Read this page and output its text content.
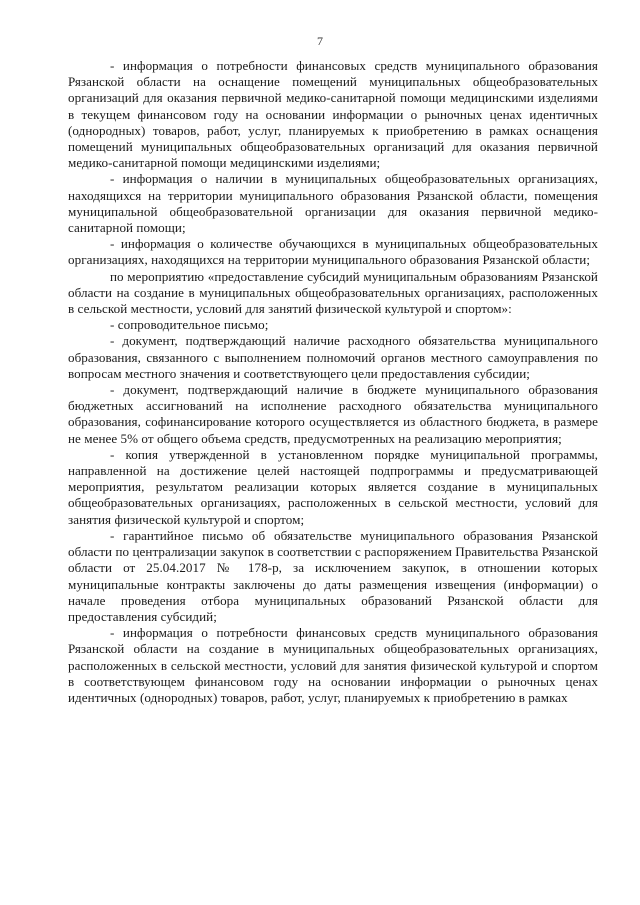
7

- информация о потребности финансовых средств муниципального образования Рязанской области на оснащение помещений муниципальных общеобразовательных организаций для оказания первичной медико-санитарной помощи медицинскими изделиями в текущем финансовом году на основании информации о рыночных ценах идентичных (однородных) товаров, работ, услуг, планируемых к приобретению в рамках оснащения помещений муниципальных общеобразовательных организаций для оказания первичной медико-санитарной помощи медицинскими изделиями;

- информация о наличии в муниципальных общеобразовательных организациях, находящихся на территории муниципального образования Рязанской области, помещения муниципальной общеобразовательной организации для оказания первичной медико-санитарной помощи;

- информация о количестве обучающихся в муниципальных общеобразовательных организациях, находящихся на территории муниципального образования Рязанской области;

по мероприятию «предоставление субсидий муниципальным образованиям Рязанской области на создание в муниципальных общеобразовательных организациях, расположенных в сельской местности, условий для занятий физической культурой и спортом»:

- сопроводительное письмо;

- документ, подтверждающий наличие расходного обязательства муниципального образования, связанного с выполнением полномочий органов местного самоуправления по вопросам местного значения и соответствующего цели предоставления субсидии;

- документ, подтверждающий наличие в бюджете муниципального образования бюджетных ассигнований на исполнение расходного обязательства муниципального образования, софинансирование которого осуществляется из областного бюджета, в размере не менее 5% от общего объема средств, предусмотренных на реализацию мероприятия;

- копия утвержденной в установленном порядке муниципальной программы, направленной на достижение целей настоящей подпрограммы и предусматривающей мероприятия, результатом реализации которых является создание в муниципальных общеобразовательных организациях, расположенных в сельской местности, условий для занятия физической культурой и спортом;

- гарантийное письмо об обязательстве муниципального образования Рязанской области по централизации закупок в соответствии с распоряжением Правительства Рязанской области от 25.04.2017 № 178-р, за исключением закупок, в отношении которых муниципальные контракты заключены до даты размещения извещения (информации) о начале проведения отбора муниципальных образований Рязанской области для предоставления субсидий;

- информация о потребности финансовых средств муниципального образования Рязанской области на создание в муниципальных общеобразовательных организациях, расположенных в сельской местности, условий для занятия физической культурой и спортом в соответствующем финансовом году на основании информации о рыночных ценах идентичных (однородных) товаров, работ, услуг, планируемых к приобретению в рамках
